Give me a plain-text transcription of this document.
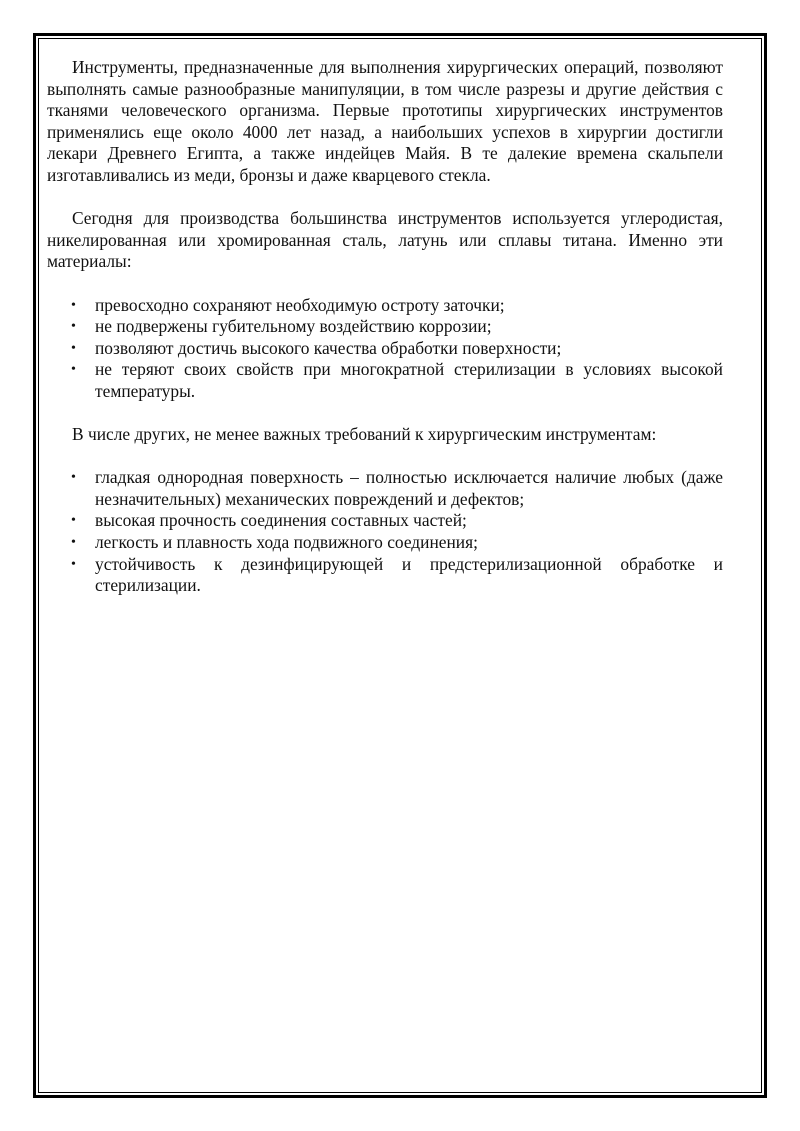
Инструменты, предназначенные для выполнения хирургических операций, позволяют выполнять самые разнообразные манипуляции, в том числе разрезы и другие действия с тканями человеческого организма. Первые прототипы хирургических инструментов применялись еще около 4000 лет назад, а наибольших успехов в хирургии достигли лекари Древнего Египта, а также индейцев Майя. В те далекие времена скальпели изготавливались из меди, бронзы и даже кварцевого стекла.

Сегодня для производства большинства инструментов используется углеродистая, никелированная или хромированная сталь, латунь или сплавы титана. Именно эти материалы:

• превосходно сохраняют необходимую остроту заточки;
• не подвержены губительному воздействию коррозии;
• позволяют достичь высокого качества обработки поверхности;
• не теряют своих свойств при многократной стерилизации в условиях высокой температуры.

В числе других, не менее важных требований к хирургическим инструментам:

• гладкая однородная поверхность – полностью исключается наличие любых (даже незначительных) механических повреждений и дефектов;
• высокая прочность соединения составных частей;
• легкость и плавность хода подвижного соединения;
• устойчивость к дезинфицирующей и предстерилизационной обработке и стерилизации.
